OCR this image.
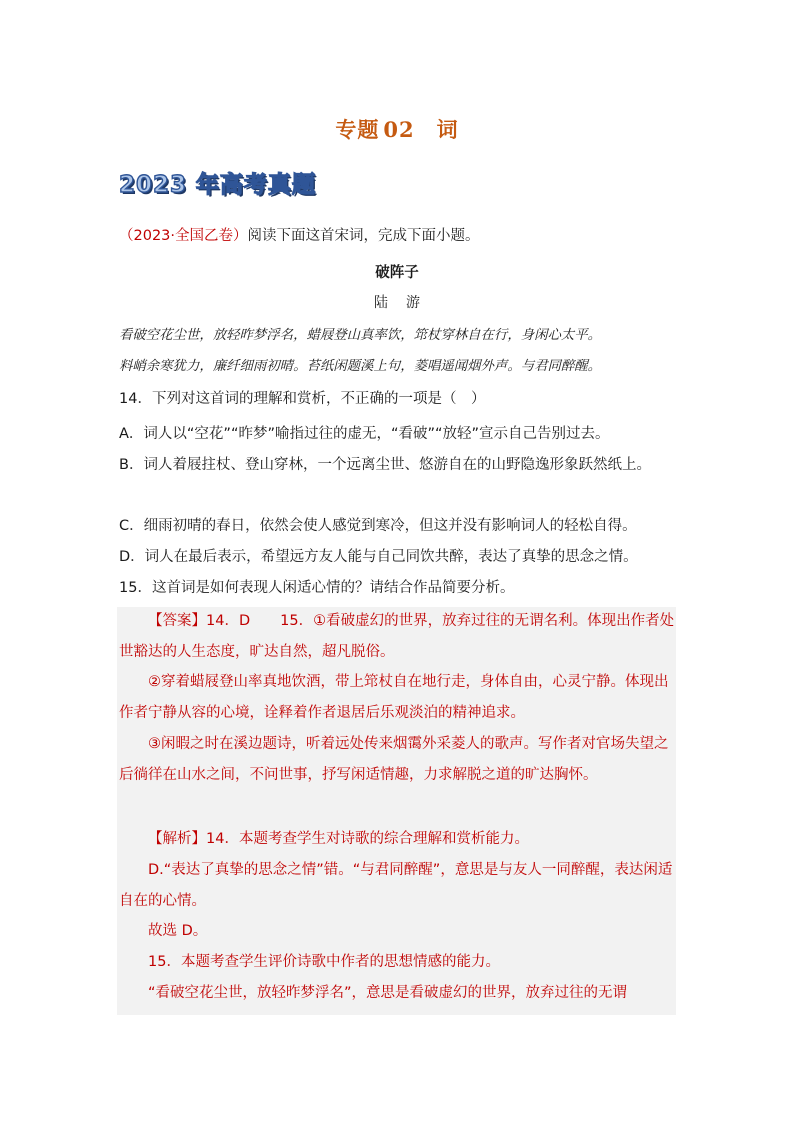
专题 02 词
2023 年高考真题
（2023·全国乙卷）阅读下面这首宋词，完成下面小题。
破阵子
陆游
看破空花尘世，放轻昨梦浮名，蜡屐登山真率饮，筇杖穿林自在行，身闲心太平。
料峭余寒犹力，廉纤细雨初晴。苔纸闲题溪上句，菱唱遥闻烟外声。与君同醉醒。
14．下列对这首词的理解和赏析，不正确的一项是（　）
A．词人以“空花”“昨梦”喻指过往的虚无，“看破”“放轻”宣示自己告别过去。
B．词人着屐拄杖、登山穿林，一个远离尘世、悠游自在的山野隐逸形象跃然纸上。
C．细雨初晴的春日，依然会使人感觉到寒冷，但这并没有影响词人的轻松自得。
D．词人在最后表示，希望远方友人能与自己同饮共醉，表达了真挚的思念之情。
15．这首词是如何表现人闲适心情的？请结合作品简要分析。
【答案】14．D 15．①看破虚幻的世界，放弃过往的无谓名利。体现出作者处世豁达的人生态度，旷达自然，超凡脱俗。
②穿着蜡屐登山率真地饮酒，带上筇杖自在地行走，身体自由，心灵宁静。体现出作者宁静从容的心境，诠释着作者退居后乐观淡泊的精神追求。
③闲暇之时在溪边题诗，听着远处传来烟霭外采菱人的歌声。写作者对官场失望之后徜徉在山水之间，不问世事，抒写闲适情趣，力求解脱之道的旷达胸怀。
【解析】14．本题考查学生对诗歌的综合理解和赏析能力。
D.“表达了真挚的思念之情”错。“与君同醉醒”，意思是与友人一同醉醒，表达闲适自在的心情。
故选 D。
15．本题考查学生评价诗歌中作者的思想情感的能力。
“看破空花尘世，放轻昨梦浮名”，意思是看破虚幻的世界，放弃过往的无谓
